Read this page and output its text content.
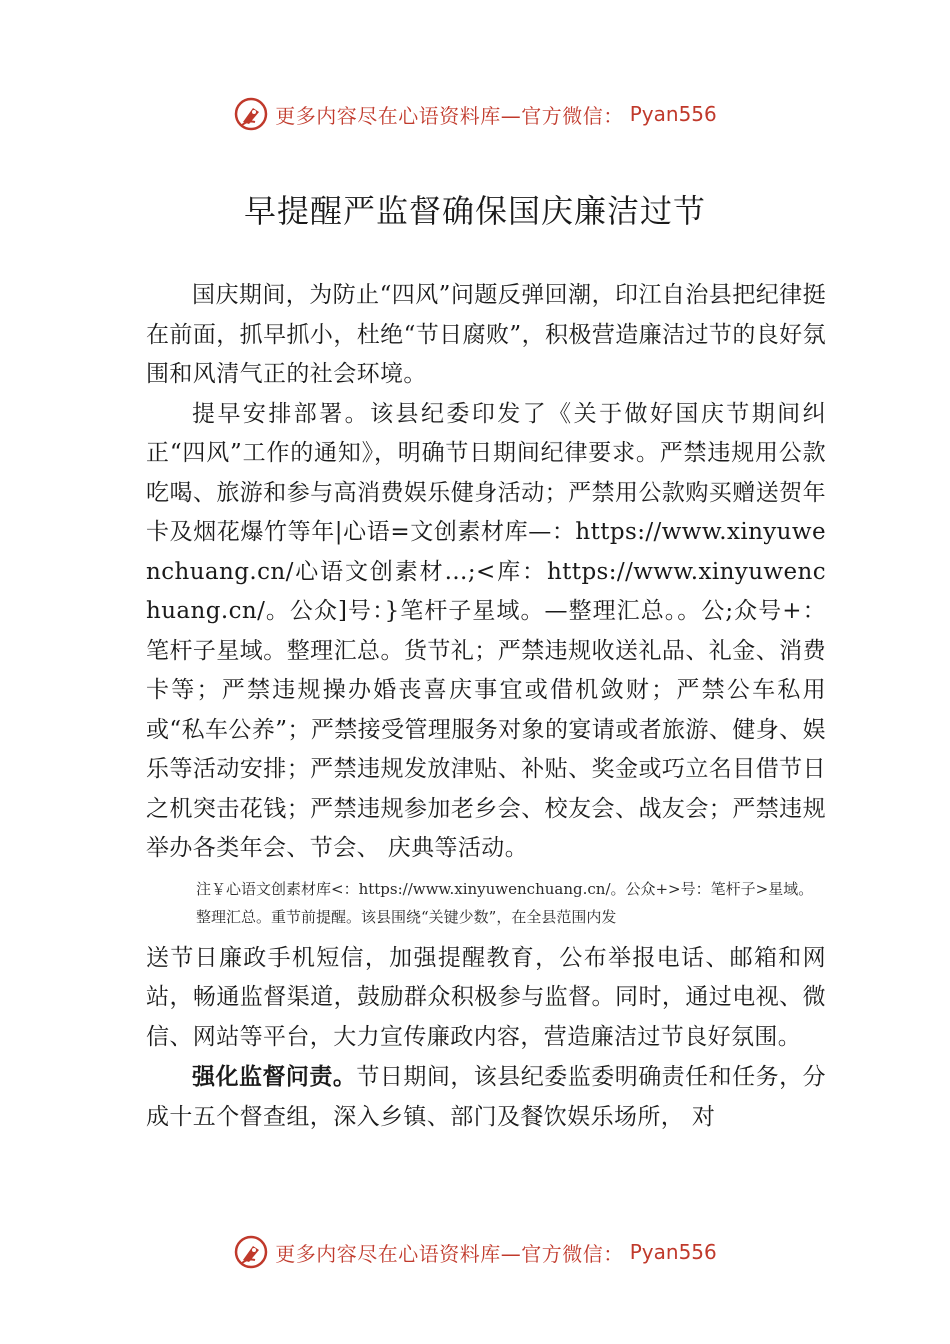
更多内容尽在心语资料库—官方微信： Pyan556
早提醒严监督确保国庆廉洁过节

国庆期间，为防止“四风”问题反弹回潮，印江自治县把纪律挺在前面，抓早抓小，杜绝“节日腐败”，积极营造廉洁过节的良好氛围和风清气正的社会环境。

提早安排部署。该县纪委印发了《关于做好国庆节期间纠正“四风”工作的通知》，明确节日期间纪律要求。严禁违规用公款吃喝、旅游和参与高消费娱乐健身活动；严禁用公款购买赠送贺年卡及烟花爆竹等年|心语=文创素材库—：https://www.xinyuwenchuang.cn/心语文创素材…;<库：https://www.xinyuwenchuang.cn/。公众]号：}笔杆子星域。—整理汇总。。公;众号+：笔杆子星域。整理汇总。货节礼；严禁违规收送礼品、礼金、消费卡等；严禁违规操办婚丧喜庆事宜或借机敛财；严禁公车私用或“私车公养”；严禁接受管理服务对象的宴请或者旅游、健身、娱乐等活动安排；严禁违规发放津贴、补贴、奖金或巧立名目借节日之机突击花钱；严禁违规参加老乡会、校友会、战友会；严禁违规举办各类年会、节会、 庆典等活动。

注￥心语文创素材库<：https://www.xinyuwenchuang.cn/。公众+>号：笔杆子>星域。整理汇总。重节前提醒。该县围绕“关键少数”，在全县范围内发

送节日廉政手机短信，加强提醒教育，公布举报电话、邮箱和网站，畅通监督渠道，鼓励群众积极参与监督。同时，通过电视、微信、网站等平台，大力宣传廉政内容，营造廉洁过节良好氛围。

强化监督问责。节日期间，该县纪委监委明确责任和任务，分成十五个督查组，深入乡镇、部门及餐饮娱乐场所， 对

更多内容尽在心语资料库—官方微信： Pyan556
